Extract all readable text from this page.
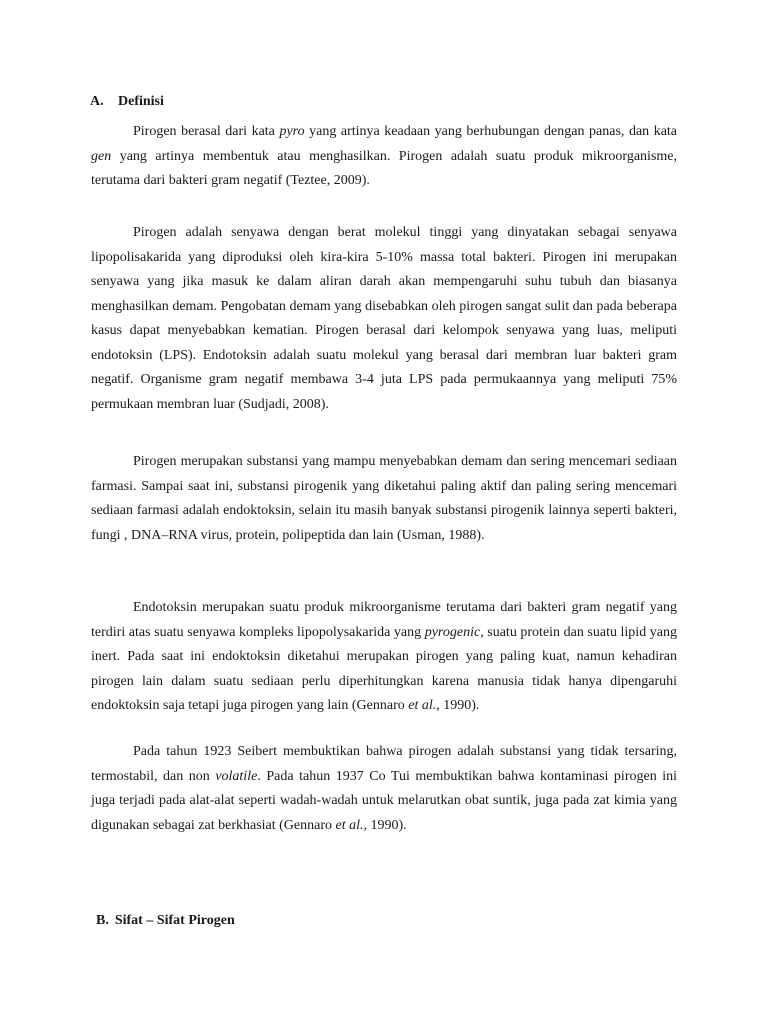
A. Definisi

Pirogen berasal dari kata pyro yang artinya keadaan yang berhubungan dengan panas, dan kata gen yang artinya membentuk atau menghasilkan. Pirogen adalah suatu produk mikroorganisme, terutama dari bakteri gram negatif (Teztee, 2009).

Pirogen adalah senyawa dengan berat molekul tinggi yang dinyatakan sebagai senyawa lipopolisakarida yang diproduksi oleh kira-kira 5-10% massa total bakteri. Pirogen ini merupakan senyawa yang jika masuk ke dalam aliran darah akan mempengaruhi suhu tubuh dan biasanya menghasilkan demam. Pengobatan demam yang disebabkan oleh pirogen sangat sulit dan pada beberapa kasus dapat menyebabkan kematian. Pirogen berasal dari kelompok senyawa yang luas, meliputi endotoksin (LPS). Endotoksin adalah suatu molekul yang berasal dari membran luar bakteri gram negatif. Organisme gram negatif membawa 3-4 juta LPS pada permukaannya yang meliputi 75% permukaan membran luar (Sudjadi, 2008).

Pirogen merupakan substansi yang mampu menyebabkan demam dan sering mencemari sediaan farmasi. Sampai saat ini, substansi pirogenik yang diketahui paling aktif dan paling sering mencemari sediaan farmasi adalah endoktoksin, selain itu masih banyak substansi pirogenik lainnya seperti bakteri, fungi , DNA–RNA virus, protein, polipeptida dan lain (Usman, 1988).

Endotoksin merupakan suatu produk mikroorganisme terutama dari bakteri gram negatif yang terdiri atas suatu senyawa kompleks lipopolysakarida yang pyrogenic, suatu protein dan suatu lipid yang inert. Pada saat ini endoktoksin diketahui merupakan pirogen yang paling kuat, namun kehadiran pirogen lain dalam suatu sediaan perlu diperhitungkan karena manusia tidak hanya dipengaruhi endoktoksin saja tetapi juga pirogen yang lain (Gennaro et al., 1990).

Pada tahun 1923 Seibert membuktikan bahwa pirogen adalah substansi yang tidak tersaring, termostabil, dan non volatile. Pada tahun 1937 Co Tui membuktikan bahwa kontaminasi pirogen ini juga terjadi pada alat-alat seperti wadah-wadah untuk melarutkan obat suntik, juga pada zat kimia yang digunakan sebagai zat berkhasiat (Gennaro et al., 1990).

B. Sifat – Sifat Pirogen
